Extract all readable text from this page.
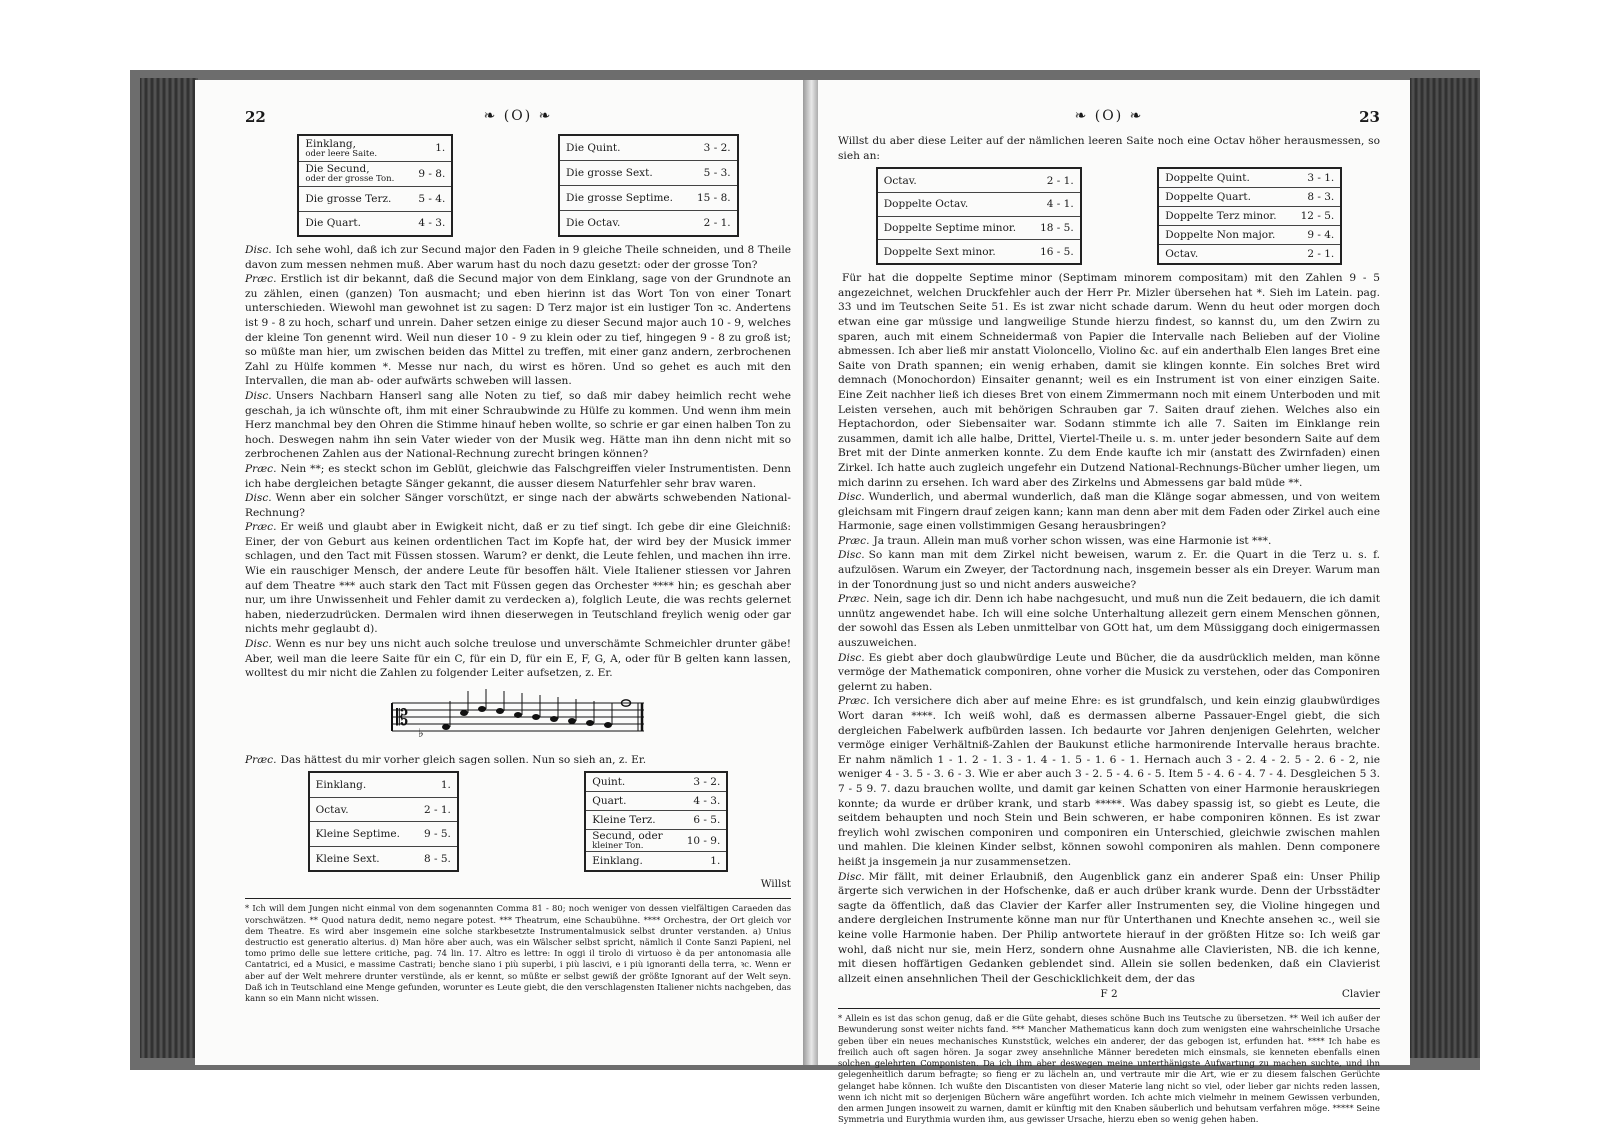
22	❧ (O) ❧
Einklang,
oder leere Saite.	1.
Die Secund,
oder der grosse Ton.	9 - 8.
Die grosse Terz.	5 - 4.
Die Quart.	4 - 3.
Die Quint.	3 - 2.
Die grosse Sext.	5 - 3.
Die grosse Septime.	15 - 8.
Die Octav.	2 - 1.

Disc. Ich sehe wohl, daß ich zur Secund major den Faden in 9 gleiche Theile schneiden, und 8 Theile davon zum messen nehmen muß. Aber warum hast du noch dazu gesetzt: oder der grosse Ton?

Præc. Erstlich ist dir bekannt, daß die Secund major von dem Einklang, sage von der Grundnote an zu zählen, einen (ganzen) Ton ausmacht; und eben hierinn ist das Wort Ton von einer Tonart unterschieden. Wiewohl man gewohnet ist zu sagen: D Terz major ist ein lustiger Ton ꝛc. Andertens ist 9 - 8 zu hoch, scharf und unrein. Daher setzen einige zu dieser Secund major auch 10 - 9, welches der kleine Ton genennt wird. Weil nun dieser 10 - 9 zu klein oder zu tief, hingegen 9 - 8 zu groß ist; so müßte man hier, um zwischen beiden das Mittel zu treffen, mit einer ganz andern, zerbrochenen Zahl zu Hülfe kommen *. Messe nur nach, du wirst es hören. Und so gehet es auch mit den Intervallen, die man ab- oder aufwärts schweben will lassen.

Disc. Unsers Nachbarn Hanserl sang alle Noten zu tief, so daß mir dabey heimlich recht wehe geschah, ja ich wünschte oft, ihm mit einer Schraubwinde zu Hülfe zu kommen. Und wenn ihm mein Herz manchmal bey den Ohren die Stimme hinauf heben wollte, so schrie er gar einen halben Ton zu hoch. Deswegen nahm ihn sein Vater wieder von der Musik weg. Hätte man ihn denn nicht mit so zerbrochenen Zahlen aus der National-Rechnung zurecht bringen können?

Præc. Nein **; es steckt schon im Geblüt, gleichwie das Falschgreiffen vieler Instrumentisten. Denn ich habe dergleichen betagte Sänger gekannt, die ausser diesem Naturfehler sehr brav waren.

Disc. Wenn aber ein solcher Sänger vorschützt, er singe nach der abwärts schwebenden National-Rechnung?

Præc. Er weiß und glaubt aber in Ewigkeit nicht, daß er zu tief singt. Ich gebe dir eine Gleichniß: Einer, der von Geburt aus keinen ordentlichen Tact im Kopfe hat, der wird bey der Musick immer schlagen, und den Tact mit Füssen stossen. Warum? er denkt, die Leute fehlen, und machen ihn irre. Wie ein rauschiger Mensch, der andere Leute für besoffen hält. Viele Italiener stiessen vor Jahren auf dem Theatre *** auch stark den Tact mit Füssen gegen das Orchester **** hin; es geschah aber nur, um ihre Unwissenheit und Fehler damit zu verdecken a), folglich Leute, die was rechts gelernet haben, niederzudrücken. Dermalen wird ihnen dieserwegen in Teutschland freylich wenig oder gar nichts mehr geglaubt d).

Disc. Wenn es nur bey uns nicht auch solche treulose und unverschämte Schmeichler drunter gäbe! Aber, weil man die leere Saite für ein C, für ein D, für ein E, F, G, A, oder für B gelten kann lassen, wolltest du mir nicht die Zahlen zu folgender Leiter aufsetzen, z. Er.

𝄡
♭

Præc. Das hättest du mir vorher gleich sagen sollen. Nun so sieh an, z. Er.

Einklang.	1.
Octav.	2 - 1.
Kleine Septime.	9 - 5.
Kleine Sext.	8 - 5.
Quint.	3 - 2.
Quart.	4 - 3.
Kleine Terz.	6 - 5.
Secund, oder
kleiner Ton.	10 - 9.
Einklang.	1.
Willst
* Ich will dem Jungen nicht einmal von dem sogenannten Comma 81 - 80; noch weniger von dessen vielfältigen Caraeden das vorschwätzen. ** Quod natura dedit, nemo negare potest. *** Theatrum, eine Schaubühne. **** Orchestra, der Ort gleich vor dem Theatre. Es wird aber insgemein eine solche starkbesetzte Instrumentalmusick selbst drunter verstanden. a) Unius destructio est generatio alterius. d) Man höre aber auch, was ein Wälscher selbst spricht, nämlich il Conte Sanzi Papieni, nel tomo primo delle sue lettere critiche, pag. 74 lin. 17. Altro es lettre: In oggi il tirolo di virtuoso è da per antonomasia alle Cantatrici, ed a Musici, e massime Castrati; benche siano i più superbi, i più lascivi, e i più ignoranti della terra, ꝛc. Wenn er aber auf der Welt mehrere drunter verstünde, als er kennt, so müßte er selbst gewiß der größte Ignorant auf der Welt seyn. Daß ich in Teutschland eine Menge gefunden, worunter es Leute giebt, die den verschlagensten Italiener nichts nachgeben, das kann so ein Mann nicht wissen.
❧ (O) ❧	23

Willst du aber diese Leiter auf der nämlichen leeren Saite noch eine Octav höher herausmessen, so sieh an:

Octav.	2 - 1.
Doppelte Octav.	4 - 1.
Doppelte Septime minor.	18 - 5.
Doppelte Sext minor.	16 - 5.
Doppelte Quint.	3 - 1.
Doppelte Quart.	8 - 3.
Doppelte Terz minor.	12 - 5.
Doppelte Non major.	9 - 4.
Octav.	2 - 1.

Für hat die doppelte Septime minor (Septimam minorem compositam) mit den Zahlen 9 - 5 angezeichnet, welchen Druckfehler auch der Herr Pr. Mizler übersehen hat *. Sieh im Latein. pag. 33 und im Teutschen Seite 51. Es ist zwar nicht schade darum. Wenn du heut oder morgen doch etwan eine gar müssige und langweilige Stunde hierzu findest, so kannst du, um den Zwirn zu sparen, auch mit einem Schneidermaß von Papier die Intervalle nach Belieben auf der Violine abmessen. Ich aber ließ mir anstatt Violoncello, Violino &c. auf ein anderthalb Elen langes Bret eine Saite von Drath spannen; ein wenig erhaben, damit sie klingen konnte. Ein solches Bret wird demnach (Monochordon) Einsaiter genannt; weil es ein Instrument ist von einer einzigen Saite. Eine Zeit nachher ließ ich dieses Bret von einem Zimmermann noch mit einem Unterboden und mit Leisten versehen, auch mit behörigen Schrauben gar 7. Saiten drauf ziehen. Welches also ein Heptachordon, oder Siebensaiter war. Sodann stimmte ich alle 7. Saiten im Einklange rein zusammen, damit ich alle halbe, Drittel, Viertel-Theile u. s. m. unter jeder besondern Saite auf dem Bret mit der Dinte anmerken konnte. Zu dem Ende kaufte ich mir (anstatt des Zwirnfaden) einen Zirkel. Ich hatte auch zugleich ungefehr ein Dutzend National-Rechnungs-Bücher umher liegen, um mich darinn zu ersehen. Ich ward aber des Zirkelns und Abmessens gar bald müde **.

Disc. Wunderlich, und abermal wunderlich, daß man die Klänge sogar abmessen, und von weitem gleichsam mit Fingern drauf zeigen kann; kann man denn aber mit dem Faden oder Zirkel auch eine Harmonie, sage einen vollstimmigen Gesang herausbringen?

Præc. Ja traun. Allein man muß vorher schon wissen, was eine Harmonie ist ***.

Disc. So kann man mit dem Zirkel nicht beweisen, warum z. Er. die Quart in die Terz u. s. f. aufzulösen. Warum ein Zweyer, der Tactordnung nach, insgemein besser als ein Dreyer. Warum man in der Tonordnung just so und nicht anders ausweiche?

Præc. Nein, sage ich dir. Denn ich habe nachgesucht, und muß nun die Zeit bedauern, die ich damit unnütz angewendet habe. Ich will eine solche Unterhaltung allezeit gern einem Menschen gönnen, der sowohl das Essen als Leben unmittelbar von GOtt hat, um dem Müssiggang doch einigermassen auszuweichen.

Disc. Es giebt aber doch glaubwürdige Leute und Bücher, die da ausdrücklich melden, man könne vermöge der Mathematick componiren, ohne vorher die Musick zu verstehen, oder das Componiren gelernt zu haben.

Præc. Ich versichere dich aber auf meine Ehre: es ist grundfalsch, und kein einzig glaubwürdiges Wort daran ****. Ich weiß wohl, daß es dermassen alberne Passauer-Engel giebt, die sich dergleichen Fabelwerk aufbürden lassen. Ich bedaurte vor Jahren denjenigen Gelehrten, welcher vermöge einiger Verhältniß-Zahlen der Baukunst etliche harmonirende Intervalle heraus brachte. Er nahm nämlich 1 - 1. 2 - 1. 3 - 1. 4 - 1. 5 - 1. 6 - 1. Hernach auch 3 - 2. 4 - 2. 5 - 2. 6 - 2, nie weniger 4 - 3. 5 - 3. 6 - 3. Wie er aber auch 3 - 2. 5 - 4. 6 - 5. Item 5 - 4. 6 - 4. 7 - 4. Desgleichen 5 3. 7 - 5 9. 7. dazu brauchen wollte, und damit gar keinen Schatten von einer Harmonie herauskriegen konnte; da wurde er drüber krank, und starb *****. Was dabey spassig ist, so giebt es Leute, die seitdem behaupten und noch Stein und Bein schweren, er habe componiren können. Es ist zwar freylich wohl zwischen componiren und componiren ein Unterschied, gleichwie zwischen mahlen und mahlen. Die kleinen Kinder selbst, können sowohl componiren als mahlen. Denn componere heißt ja insgemein ja nur zusammensetzen.

Disc. Mir fällt, mit deiner Erlaubniß, den Augenblick ganz ein anderer Spaß ein: Unser Philip ärgerte sich verwichen in der Hofschenke, daß er auch drüber krank wurde. Denn der Urbsstädter sagte da öffentlich, daß das Clavier der Karfer aller Instrumenten sey, die Violine hingegen und andere dergleichen Instrumente könne man nur für Unterthanen und Knechte ansehen ꝛc., weil sie keine volle Harmonie haben. Der Philip antwortete hierauf in der größten Hitze so: Ich weiß gar wohl, daß nicht nur sie, mein Herz, sondern ohne Ausnahme alle Clavieristen, NB. die ich kenne, mit diesen hoffärtigen Gedanken geblendet sind. Allein sie sollen bedenken, daß ein Clavierist allzeit einen ansehnlichen Theil der Geschicklichkeit dem, der das

F 2	Clavier
* Allein es ist das schon genug, daß er die Güte gehabt, dieses schöne Buch ins Teutsche zu übersetzen. ** Weil ich außer der Bewunderung sonst weiter nichts fand. *** Mancher Mathematicus kann doch zum wenigsten eine wahrscheinliche Ursache geben über ein neues mechanisches Kunststück, welches ein anderer, der das gebogen ist, erfunden hat. **** Ich habe es freilich auch oft sagen hören. Ja sogar zwey ansehnliche Männer beredeten mich einsmals, sie kenneten ebenfalls einen solchen gelehrten Componisten. Da ich ihm aber deswegen meine unterthänigste Aufwartung zu machen suchte, und ihn gelegenheitlich darum befragte; so fieng er zu lächeln an, und vertraute mir die Art, wie er zu diesem falschen Gerüchte gelanget habe können. Ich wußte den Discantisten von dieser Materie lang nicht so viel, oder lieber gar nichts reden lassen, wenn ich nicht mit so derjenigen Büchern wäre angeführt worden. Ich achte mich vielmehr in meinem Gewissen verbunden, den armen Jungen insoweit zu warnen, damit er künftig mit den Knaben säuberlich und behutsam verfahren möge. ***** Seine Symmetria und Eurythmia wurden ihm, aus gewisser Ursache, hierzu eben so wenig gehen haben.
